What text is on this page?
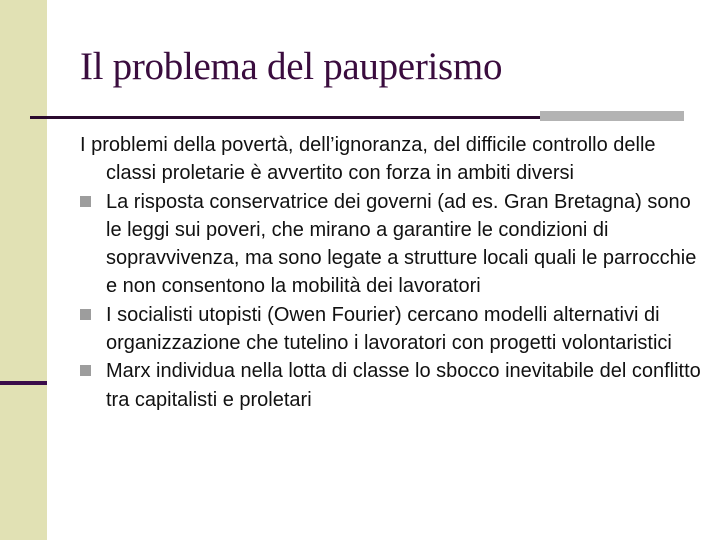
Il problema del pauperismo
I problemi della povertà, dell’ignoranza, del difficile controllo delle classi proletarie è avvertito con forza in ambiti diversi
La risposta conservatrice dei governi (ad es. Gran Bretagna) sono le leggi sui poveri, che mirano a garantire le condizioni di sopravvivenza, ma sono legate a strutture locali quali le parrocchie e non consentono la mobilità dei lavoratori
I socialisti utopisti (Owen Fourier) cercano modelli alternativi di organizzazione che tutelino i lavoratori con progetti volontaristici
Marx individua nella lotta di classe lo sbocco inevitabile del conflitto tra capitalisti e proletari
